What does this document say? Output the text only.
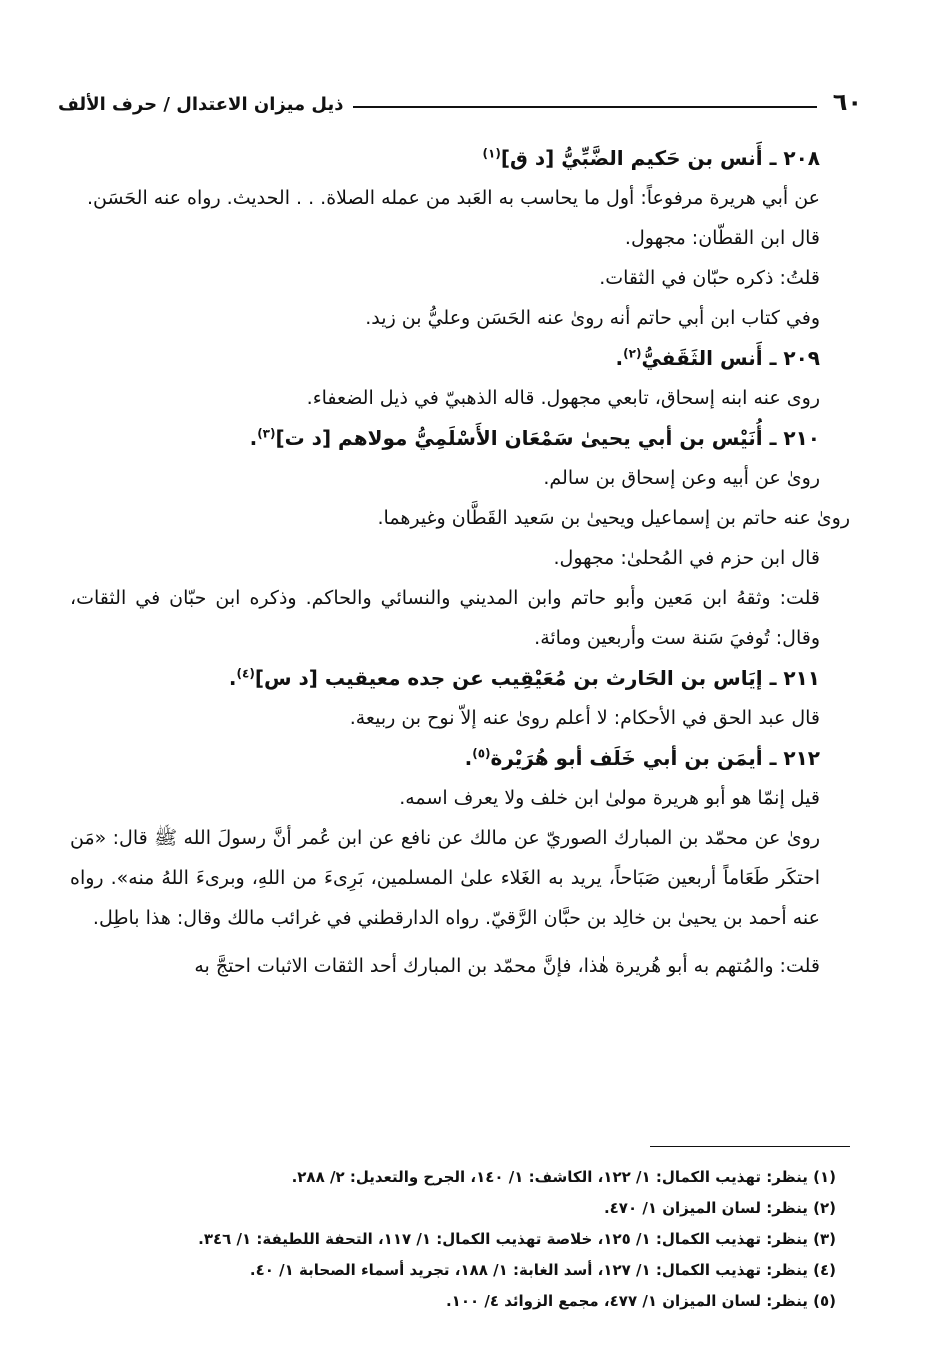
٦٠
ذيل ميزان الاعتدال / حرف الألف

٢٠٨ ـ أَنس بن حَكيم الضَّبِّيُّ [د ق]$^{(١)}$

عن أبي هريرة مرفوعاً: أول ما يحاسب به العَبد من عمله الصلاة. . . الحديث. رواه عنه الحَسَن.

قال ابن القطّان: مجهول.

قلتُ: ذكره حبّان في الثقات.

وفي كتاب ابن أبي حاتم أنه روىٰ عنه الحَسَن وعليُّ بن زيد.

٢٠٩ ـ أَنس الثَقَفيُّ$^{(٢)}$.

روى عنه ابنه إسحاق، تابعي مجهول. قاله الذهبيّ في ذيل الضعفاء.

٢١٠ ـ أُنَيْس بن أبي يحيىٰ سَمْعَان الأَسْلَمِيُّ مولاهم [د ت]$^{(٣)}$.

روىٰ عن أبيه وعن إسحاق بن سالم.

روىٰ عنه حاتم بن إسماعيل ويحيىٰ بن سَعيد القَطَّان وغيرهما.

قال ابن حزم في المُحلىٰ: مجهول.

قلت: وثقهُ ابن مَعين وأبو حاتم وابن المديني والنسائي والحاكم. وذكره ابن حبّان في الثقات، وقال: تُوفيَ سَنة ست وأربعين ومائة.

٢١١ ـ إيَاس بن الحَارث بن مُعَيْقِيب عن جده معيقيب [د س]$^{(٤)}$.

قال عبد الحق في الأحكام: لا أعلم روىٰ عنه إلاّ نوح بن ربيعة.

٢١٢ ـ أيمَن بن أبي خَلَف أبو هُرَيْرة$^{(٥)}$.

قيل إنمّا هو أبو هريرة مولىٰ ابن خلف ولا يعرف اسمه.

روىٰ عن محمّد بن المبارك الصوريّ عن مالك عن نافع عن ابن عُمر أنَّ رسولَ الله ﷺ قال: «مَن احتكَر طَعَاماً أربعين صَبَاحاً، يريد به الغَلاء علىٰ المسلمين، بَرِىءَ من اللهِ، وبرىءَ اللهُ منه». رواه عنه أحمد بن يحيىٰ بن خالِد بن حبَّان الرَّقيّ. رواه الدارقطني في غرائب مالك وقال: هذا باطِل.

قلت: والمُتهم به أبو هُريرة هٰذا، فإنَّ محمّد بن المبارك أحد الثقات الاثبات احتجَّ به

(١) ينظر: تهذيب الكمال: ١/ ١٢٢، الكاشف: ١/ ١٤٠، الجرح والتعديل: ٢/ ٢٨٨.

(٢) ينظر: لسان الميزان ١/ ٤٧٠.

(٣) ينظر: تهذيب الكمال: ١/ ١٢٥، خلاصة تهذيب الكمال: ١/ ١١٧، التحفة اللطيفة: ١/ ٣٤٦.

(٤) ينظر: تهذيب الكمال: ١/ ١٢٧، أسد الغابة: ١/ ١٨٨، تجريد أسماء الصحابة ١/ ٤٠.

(٥) ينظر: لسان الميزان ١/ ٤٧٧، مجمع الزوائد ٤/ ١٠٠.
